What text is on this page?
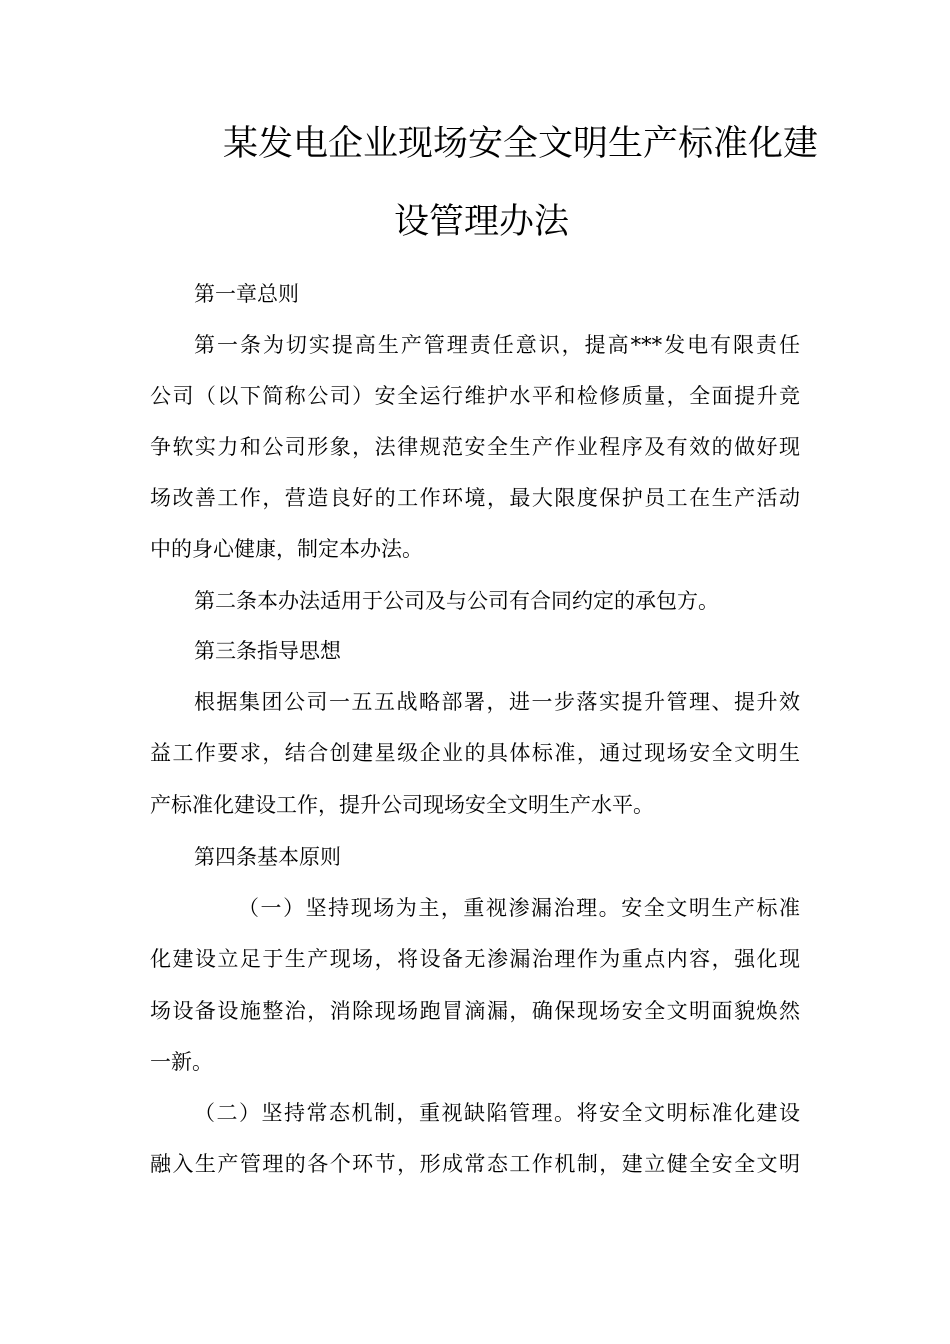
某发电企业现场安全文明生产标准化建
设管理办法
第一章总则
第一条为切实提高生产管理责任意识，提高***发电有限责任
公司（以下简称公司）安全运行维护水平和检修质量，全面提升竞
争软实力和公司形象，法律规范安全生产作业程序及有效的做好现
场改善工作，营造良好的工作环境，最大限度保护员工在生产活动
中的身心健康，制定本办法。
第二条本办法适用于公司及与公司有合同约定的承包方。
第三条指导思想
根据集团公司一五五战略部署，进一步落实提升管理、提升效
益工作要求，结合创建星级企业的具体标准，通过现场安全文明生
产标准化建设工作，提升公司现场安全文明生产水平。
第四条基本原则
（一）坚持现场为主，重视渗漏治理。安全文明生产标准
化建设立足于生产现场，将设备无渗漏治理作为重点内容，强化现
场设备设施整治，消除现场跑冒滴漏，确保现场安全文明面貌焕然
一新。
（二）坚持常态机制，重视缺陷管理。将安全文明标准化建设
融入生产管理的各个环节，形成常态工作机制，建立健全安全文明
